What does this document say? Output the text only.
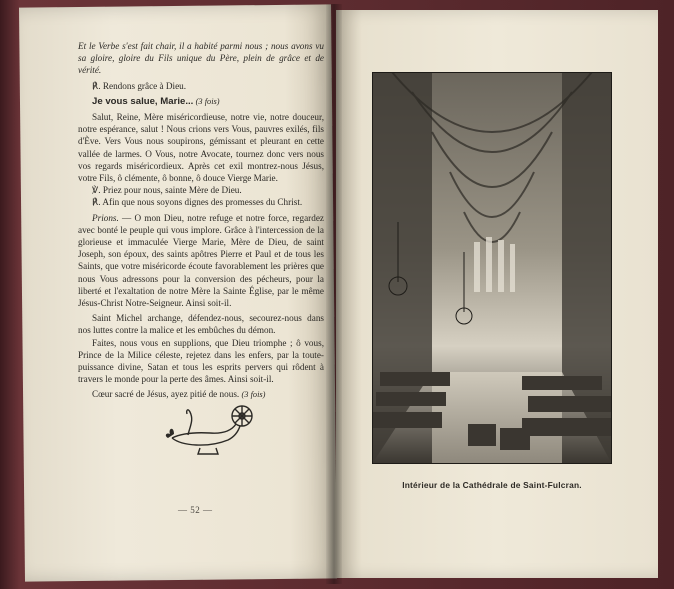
Et le Verbe s'est fait chair, il a habité parmi nous ; nous avons vu sa gloire, gloire du Fils unique du Père, plein de grâce et de vérité.

℟. Rendons grâce à Dieu.

Je vous salue, Marie... (3 fois)

Salut, Reine, Mère miséricordieuse, notre vie, notre douceur, notre espérance, salut ! Nous crions vers Vous, pauvres exilés, fils d'Ève. Vers Vous nous soupirons, gémissant et pleurant en cette vallée de larmes. O Vous, notre Avocate, tournez donc vers nous vos regards miséricordieux. Après cet exil montrez-nous Jésus, votre Fils, ô clémente, ô bonne, ô douce Vierge Marie.

℣. Priez pour nous, sainte Mère de Dieu.

℟. Afin que nous soyons dignes des promesses du Christ.

Prions. — O mon Dieu, notre refuge et notre force, regardez avec bonté le peuple qui vous implore. Grâce à l'intercession de la glorieuse et immaculée Vierge Marie, Mère de Dieu, de saint Joseph, son époux, des saints apôtres Pierre et Paul et de tous les Saints, que votre miséricorde écoute favorablement les prières que nous Vous adressons pour la conversion des pécheurs, pour la liberté et l'exaltation de notre Mère la Sainte Église, par le même Jésus-Christ Notre-Seigneur. Ainsi soit-il.

Saint Michel archange, défendez-nous, secourez-nous dans nos luttes contre la malice et les embûches du démon.

Faites, nous vous en supplions, que Dieu triomphe ; ô vous, Prince de la Milice céleste, rejetez dans les enfers, par la toute-puissance divine, Satan et tous les esprits pervers qui rôdent à travers le monde pour la perte des âmes. Ainsi soit-il.

Cœur sacré de Jésus, ayez pitié de nous. (3 fois)

— 52 —
Intérieur de la Cathédrale de Saint-Fulcran.
